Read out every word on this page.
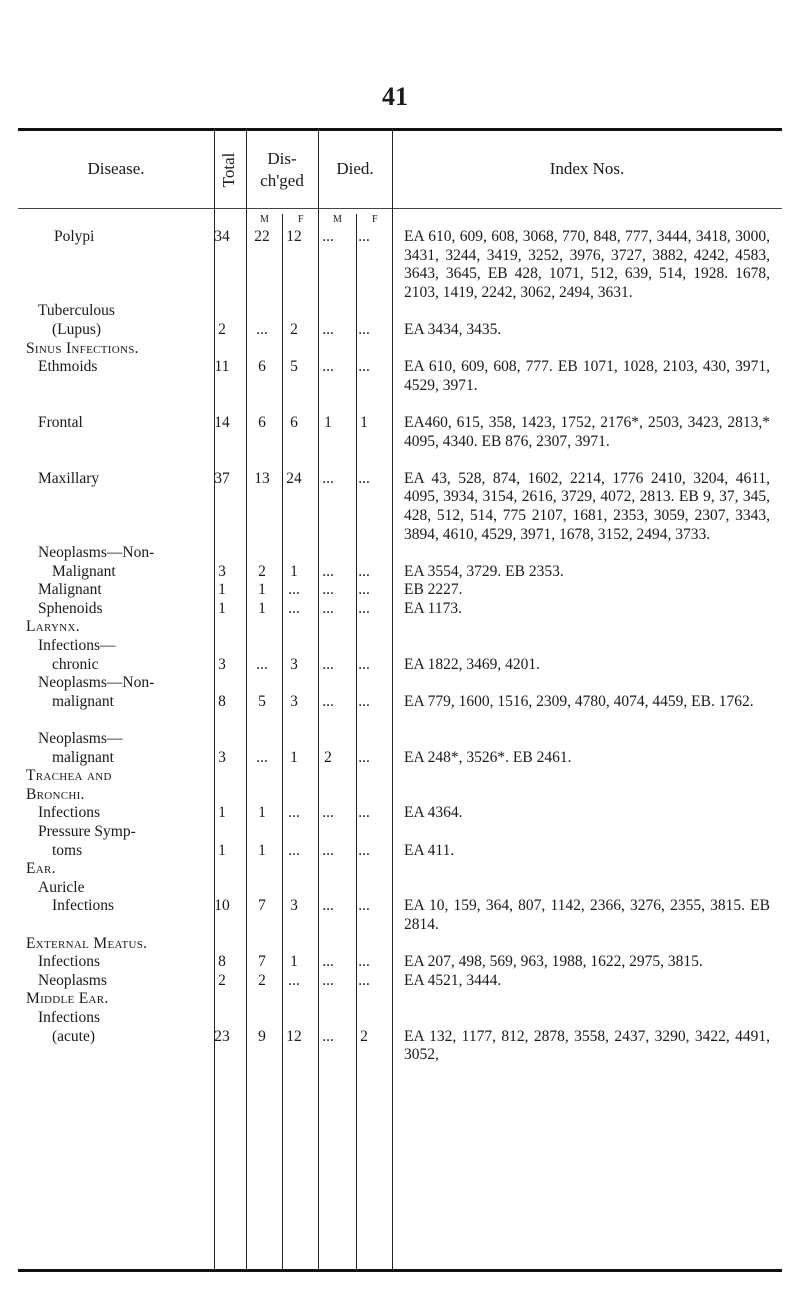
41
Disease.	Total	Dis-
ch'ged
Died.	Index Nos.
M	F	M	F
Polypi	34	22	12	...	...	EA 610, 609, 608, 3068, 770, 848, 777, 3444, 3418, 3000, 3431, 3244, 3419, 3252, 3976, 3727, 3882, 4242, 4583, 3643, 3645, EB 428, 1071, 512, 639, 514, 1928. 1678, 2103, 1419, 2242, 3062, 2494, 3631.
Tuberculous
(Lupus)	2	...	2	...	...	EA 3434, 3435.
Sinus Infections.
Ethmoids	11	6	5	...	...	EA 610, 609, 608, 777. EB 1071, 1028, 2103, 430, 3971, 4529, 3971.
Frontal	14	6	6	1	1	EA460, 615, 358, 1423, 1752, 2176*, 2503, 3423, 2813,* 4095, 4340. EB 876, 2307, 3971.
Maxillary	37	13	24	...	...	EA 43, 528, 874, 1602, 2214, 1776 2410, 3204, 4611, 4095, 3934, 3154, 2616, 3729, 4072, 2813. EB 9, 37, 345, 428, 512, 514, 775 2107, 1681, 2353, 3059, 2307, 3343, 3894, 4610, 4529, 3971, 1678, 3152, 2494, 3733.
Neoplasms—Non-
Malignant	3	2	1	...	...	EA 3554, 3729. EB 2353.
Malignant	1	1	...	...	...	EB 2227.
Sphenoids	1	1	...	...	...	EA 1173.
Larynx.
Infections—
chronic	3	...	3	...	...	EA 1822, 3469, 4201.
Neoplasms—Non-
malignant	8	5	3	...	...	EA 779, 1600, 1516, 2309, 4780, 4074, 4459, EB. 1762.
Neoplasms—
malignant	3	...	1	2	...	EA 248*, 3526*. EB 2461.
Trachea and
Bronchi.
Infections	1	1	...	...	...	EA 4364.
Pressure Symp-
toms	1	1	...	...	...	EA 411.
Ear.
Auricle
Infections	10	7	3	...	...	EA 10, 159, 364, 807, 1142, 2366, 3276, 2355, 3815. EB 2814.
External Meatus.
Infections	8	7	1	...	...	EA 207, 498, 569, 963, 1988, 1622, 2975, 3815.
Neoplasms	2	2	...	...	...	EA 4521, 3444.
Middle Ear.
Infections
(acute)	23	9	12	...	2	EA 132, 1177, 812, 2878, 3558, 2437, 3290, 3422, 4491, 3052,
